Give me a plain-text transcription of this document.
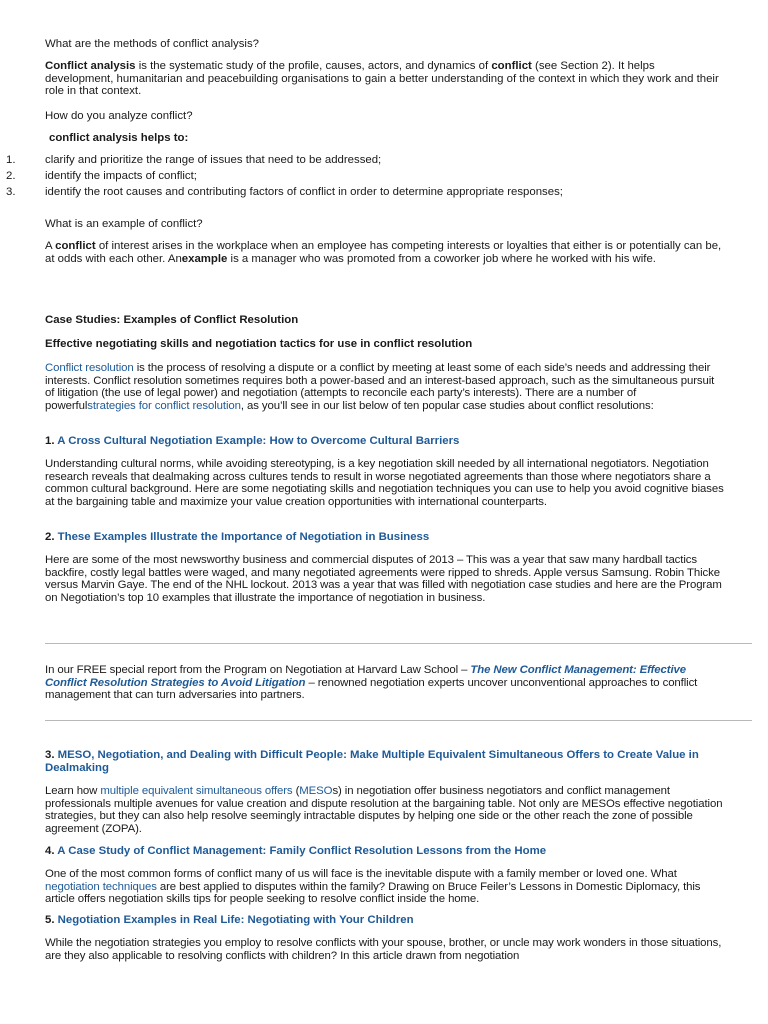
What are the methods of conflict analysis?

Conflict analysis is the systematic study of the profile, causes, actors, and dynamics of conflict (see Section 2). It helps development, humanitarian and peacebuilding organisations to gain a better understanding of the context in which they work and their role in that context.

How do you analyze conflict?

conflict analysis helps to:

1.	clarify and prioritize the range of issues that need to be addressed;
2.	identify the impacts of conflict;
3.	identify the root causes and contributing factors of conflict in order to determine appropriate responses;

What is an example of conflict?

A conflict of interest arises in the workplace when an employee has competing interests or loyalties that either is or potentially can be, at odds with each other. Anexample is a manager who was promoted from a coworker job where he worked with his wife.

Case Studies: Examples of Conflict Resolution

Effective negotiating skills and negotiation tactics for use in conflict resolution

Conflict resolution is the process of resolving a dispute or a conflict by meeting at least some of each side’s needs and addressing their interests. Conflict resolution sometimes requires both a power-based and an interest-based approach, such as the simultaneous pursuit of litigation (the use of legal power) and negotiation (attempts to reconcile each party’s interests). There are a number of powerfulstrategies for conflict resolution, as you’ll see in our list below of ten popular case studies about conflict resolutions:

1. A Cross Cultural Negotiation Example: How to Overcome Cultural Barriers

Understanding cultural norms, while avoiding stereotyping, is a key negotiation skill needed by all international negotiators. Negotiation research reveals that dealmaking across cultures tends to result in worse negotiated agreements than those where negotiators share a common cultural background. Here are some negotiating skills and negotiation techniques you can use to help you avoid cognitive biases at the bargaining table and maximize your value creation opportunities with international counterparts.

2. These Examples Illustrate the Importance of Negotiation in Business

Here are some of the most newsworthy business and commercial disputes of 2013 – This was a year that saw many hardball tactics backfire, costly legal battles were waged, and many negotiated agreements were ripped to shreds. Apple versus Samsung. Robin Thicke versus Marvin Gaye. The end of the NHL lockout. 2013 was a year that was filled with negotiation case studies and here are the Program on Negotiation’s top 10 examples that illustrate the importance of negotiation in business.

In our FREE special report from the Program on Negotiation at Harvard Law School – The New Conflict Management: Effective Conflict Resolution Strategies to Avoid Litigation – renowned negotiation experts uncover unconventional approaches to conflict management that can turn adversaries into partners.

3. MESO, Negotiation, and Dealing with Difficult People: Make Multiple Equivalent Simultaneous Offers to Create Value in Dealmaking

Learn how multiple equivalent simultaneous offers (MESOs) in negotiation offer business negotiators and conflict management professionals multiple avenues for value creation and dispute resolution at the bargaining table. Not only are MESOs effective negotiation strategies, but they can also help resolve seemingly intractable disputes by helping one side or the other reach the zone of possible agreement (ZOPA).

4. A Case Study of Conflict Management: Family Conflict Resolution Lessons from the Home

One of the most common forms of conflict many of us will face is the inevitable dispute with a family member or loved one. What negotiation techniques are best applied to disputes within the family? Drawing on Bruce Feiler’s Lessons in Domestic Diplomacy, this article offers negotiation skills tips for people seeking to resolve conflict inside the home.

5. Negotiation Examples in Real Life: Negotiating with Your Children

While the negotiation strategies you employ to resolve conflicts with your spouse, brother, or uncle may work wonders in those situations, are they also applicable to resolving conflicts with children? In this article drawn from negotiation
